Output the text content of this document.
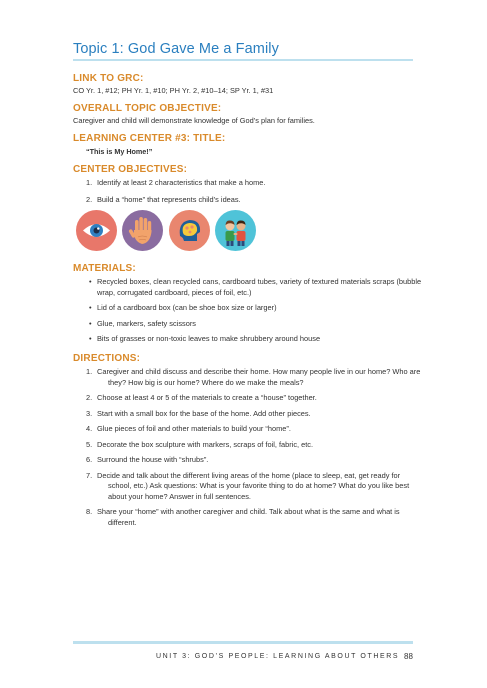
Topic 1: God Gave Me a Family
LINK TO GRC:
CO Yr. 1, #12; PH Yr. 1, #10; PH Yr. 2, #10–14; SP Yr. 1, #31
OVERALL TOPIC OBJECTIVE:
Caregiver and child will demonstrate knowledge of God’s plan for families.
LEARNING CENTER #3: TITLE:
“This is My Home!”
CENTER OBJECTIVES:
1. Identify at least 2 characteristics that make a home.
2. Build a “home” that represents child’s ideas.
MATERIALS:
• Recycled boxes, clean recycled cans, cardboard tubes, variety of textured materials scraps (bubble
wrap, corrugated cardboard, pieces of foil, etc.)
• Lid of a cardboard box (can be shoe box size or larger)
• Glue, markers, safety scissors
• Bits of grasses or non-toxic leaves to make shrubbery around house
DIRECTIONS:
1. Caregiver and child discuss and describe their home. How many people live in our home? Who are
they? How big is our home? Where do we make the meals?
2. Choose at least 4 or 5 of the materials to create a “house” together.
3. Start with a small box for the base of the home. Add other pieces.
4. Glue pieces of foil and other materials to build your “home”.
5. Decorate the box sculpture with markers, scraps of foil, fabric, etc.
6. Surround the house with “shrubs”.
7. Decide and talk about the different living areas of the home (place to sleep, eat, get ready for
school, etc.) Ask questions: What is your favorite thing to do at home? What do you like best
about your home? Answer in full sentences.
8. Share your “home” with another caregiver and child. Talk about what is the same and what is
different.
UNIT 3: GOD’S PEOPLE: LEARNING ABOUT OTHERS 88
